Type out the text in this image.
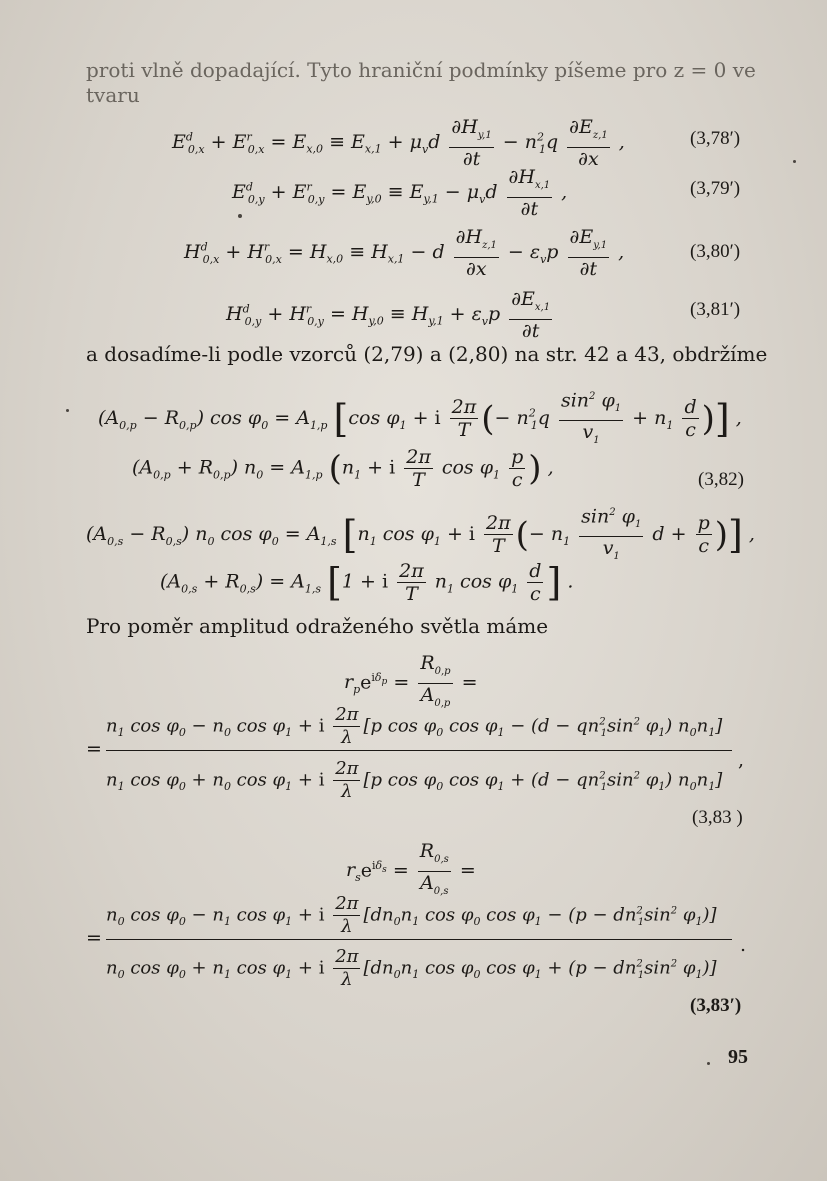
proti vlně dopadající. Tyto hraniční podmínky píšeme pro z = 0 ve
tvaru
$E^d_{0,x} + E^r_{0,x} = E_{x,0} \equiv E_{x,1} + \mu_vd \frac{\partial H_{y,1}}{\partial t} - n^2_1q \frac{\partial E_{z,1}}{\partial x}$ ,	(3,78′)
$E^d_{0,y} + E^r_{0,y} = E_{y,0} \equiv E_{y,1} - \mu_vd \frac{\partial H_{x,1}}{\partial t}$ ,	(3,79′)
$H^d_{0,x} + H^r_{0,x} = H_{x,0} \equiv H_{x,1} - d \frac{\partial H_{z,1}}{\partial x} - \varepsilon_vp \frac{\partial E_{y,1}}{\partial t}$ ,	(3,80′)
$H^d_{0,y} + H^r_{0,y} = H_{y,0} \equiv H_{y,1} + \varepsilon_vp \frac{\partial E_{x,1}}{\partial t}$	(3,81′)
a dosadíme-li podle vzorců (2,79) a (2,80) na str. 42 a 43, obdržíme
$(A_{0,p} - R_{0,p})$ $\cos \varphi_0 = A_{1,p}$ [cos $\varphi_1 + i \frac{2\pi}{T}$ (− $n^2_1q \frac{\sin^2 \varphi_1}{v_1} + n_1 \frac{d}{c}$ )] ,
$(A_{0,p} + R_{0,p}) n_0 = A_{1,p}$ ($n_1 + i \frac{2\pi}{T}$ $\cos \varphi_1 \frac{p}{c}$ ) ,
(3,82)
$(A_{0,s} - R_{0,s})$ $n_0$ $\cos \varphi_0 = A_{1,s}$ [$n_1$ $\cos \varphi_1 + i \frac{2\pi}{T}$ (− $n_1 \frac{\sin^2 \varphi_1}{v_1}$ $d + \frac{p}{c}$ )] ,
$(A_{0,s} + R_{0,s}) = A_{1,s}$ [1 + i $\frac{2\pi}{T} n_1$ $\cos \varphi_1 \frac{d}{c}$ ] .
Pro poměr amplitud odraženého světla máme
$r_pe^{i\delta_p} = \frac{R_{0,p}}{A_{0,p}}$ =
$n_1$ $\cos \varphi_0 - n_0$ $\cos \varphi_1 + i \frac{2\pi}{\lambda} [p$ $\cos \varphi_0$ $\cos \varphi_1 - (d - qn^2_1\sin^2$ $\varphi_1$) $n_0n_1$]
=	,
$n_1$ $\cos \varphi_0 + n_0$ $\cos \varphi_1 + i \frac{2\pi}{\lambda} [p$ $\cos \varphi_0$ $\cos \varphi_1 + (d - qn^2_1\sin^2$ $\varphi_1$) $n_0n_1$]
(3,83 )
$r_se^{i\delta_s} = \frac{R_{0,s}}{A_{0,s}}$ =
$n_0$ $\cos \varphi_0 - n_1$ $\cos \varphi_1 + i \frac{2\pi}{\lambda} [dn_0n_1$ $\cos \varphi_0$ $\cos \varphi_1 - (p - dn^2_1\sin^2$ $\varphi_1$)]
=	.
$n_0$ $\cos \varphi_0 + n_1$ $\cos \varphi_1 + i \frac{2\pi}{\lambda} [dn_0n_1$ $\cos \varphi_0$ $\cos \varphi_1 + (p - dn^2_1\sin^2$ $\varphi_1$)]
(3,83′)
95
